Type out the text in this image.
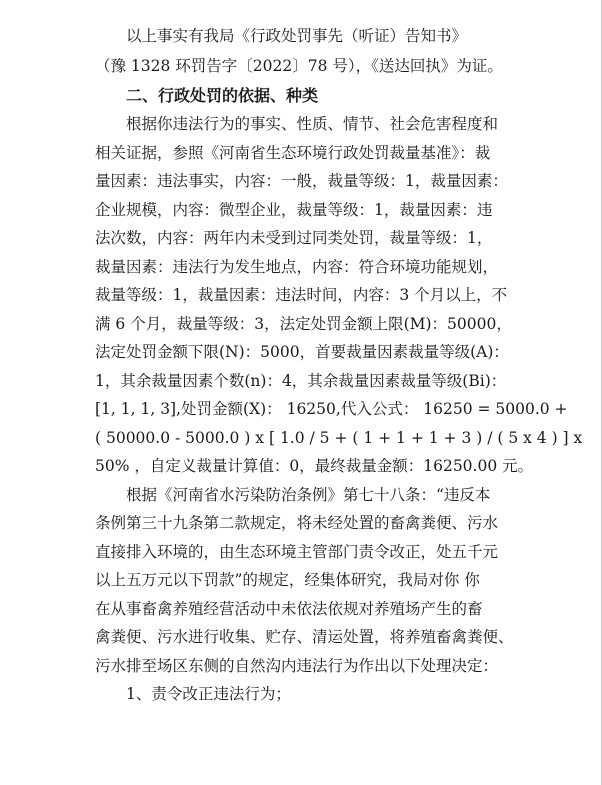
以上事实有我局《行政处罚事先（听证）告知书》
（豫 1328 环罚告字〔2022〕78 号），《送达回执》为证。
二、行政处罚的依据、种类
根据你违法行为的事实、性质、情节、社会危害程度和
相关证据，参照《河南省生态环境行政处罚裁量基准》：裁
量因素：违法事实，内容：一般，裁量等级：1，裁量因素：
企业规模，内容：微型企业，裁量等级：1，裁量因素：违
法次数，内容：两年内未受到过同类处罚，裁量等级：1，
裁量因素：违法行为发生地点，内容：符合环境功能规划，
裁量等级：1，裁量因素：违法时间，内容：3 个月以上，不
满 6 个月，裁量等级：3，法定处罚金额上限(M)：50000，
法定处罚金额下限(N)：5000，首要裁量因素裁量等级(A)：
1，其余裁量因素个数(n)：4，其余裁量因素裁量等级(Bi)：
[1, 1, 1, 3],处罚金额(X)： 16250,代入公式： 16250 = 5000.0 +
( 50000.0 - 5000.0 ) x [ 1.0 / 5 + ( 1 + 1 + 1 + 3 ) / ( 5 x 4 ) ] x
50% ，自定义裁量计算值：0，最终裁量金额：16250.00 元。
根据《河南省水污染防治条例》第七十八条：“违反本
条例第三十九条第二款规定，将未经处置的畜禽粪便、污水
直接排入环境的，由生态环境主管部门责令改正，处五千元
以上五万元以下罚款”的规定，经集体研究，我局对你 你
在从事畜禽养殖经营活动中未依法依规对养殖场产生的畜
禽粪便、污水进行收集、贮存、清运处置，将养殖畜禽粪便、
污水排至场区东侧的自然沟内违法行为作出以下处理决定：
1、责令改正违法行为；
